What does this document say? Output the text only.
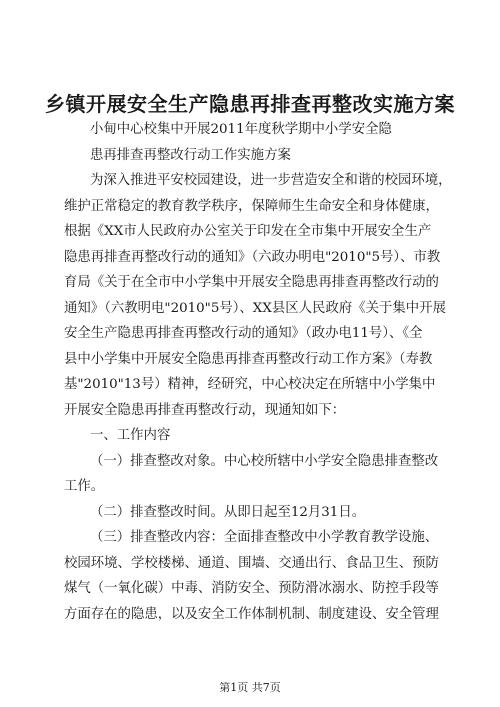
乡镇开展安全生产隐患再排查再整改实施方案
小甸中心校集中开展2011年度秋学期中小学安全隐
患再排查再整改行动工作实施方案
为深入推进平安校园建设，进一步营造安全和谐的校园环境，
维护正常稳定的教育教学秩序，保障师生生命安全和身体健康，
根据《XX市人民政府办公室关于印发在全市集中开展安全生产
隐患再排查再整改行动的通知》（六政办明电"2010"5号）、市教
育局《关于在全市中小学集中开展安全隐患再排查再整改行动的
通知》（六教明电"2010"5号）、XX县区人民政府《关于集中开展
安全生产隐患再排查再整改行动的通知》（政办电11号）、《全
县中小学集中开展安全隐患再排查再整改行动工作方案》（寿教
基"2010"13号）精神，经研究，中心校决定在所辖中小学集中
开展安全隐患再排查再整改行动，现通知如下：
一、工作内容
（一）排查整改对象。中心校所辖中小学安全隐患排查整改
工作。
（二）排查整改时间。从即日起至12月31日。
（三）排查整改内容：全面排查整改中小学教育教学设施、
校园环境、学校楼梯、通道、围墙、交通出行、食品卫生、预防
煤气（一氧化碳）中毒、消防安全、预防滑冰溺水、防控手段等
方面存在的隐患，以及安全工作体制机制、制度建设、安全管理
第1页 共7页
